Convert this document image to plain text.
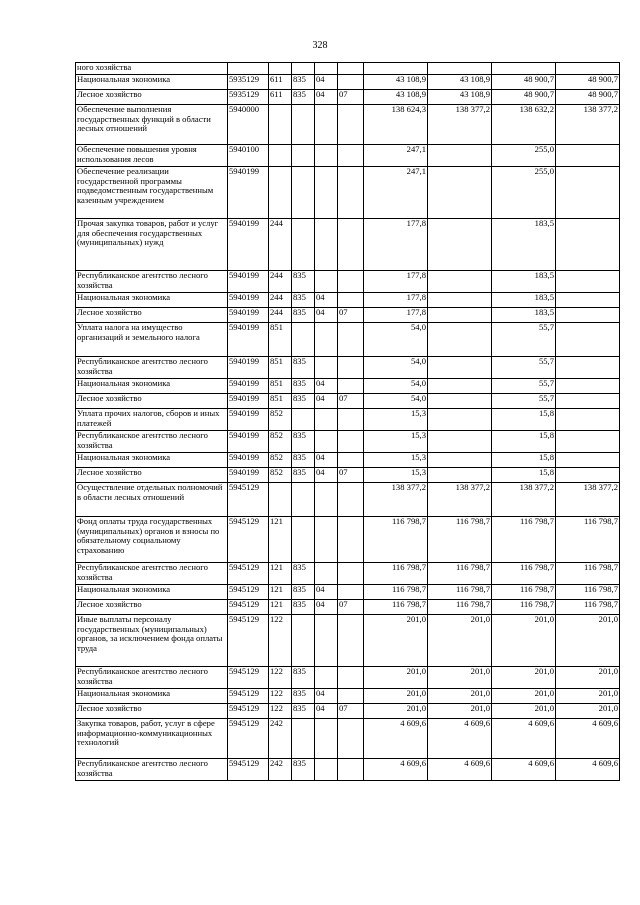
328
ного хозяйства									
Национальная экономика	5935129	611	835	04		43 108,9	43 108,9	48 900,7	48 900,7
Лесное хозяйство	5935129	611	835	04	07	43 108,9	43 108,9	48 900,7	48 900,7
Обеспечение выполнения государственных функций в области лесных отношений	5940000					138 624,3	138 377,2	138 632,2	138 377,2
Обеспечение повышения уровня использования лесов	5940100					247,1		255,0	
Обеспечение реализации государственной программы подведомственным государственным казенным учреждением	5940199					247,1		255,0	
Прочая закупка товаров, работ и услуг для обеспечения государственных (муниципальных) нужд	5940199	244				177,8		183,5	
Республиканское агентство лесного хозяйства	5940199	244	835			177,8		183,5	
Национальная экономика	5940199	244	835	04		177,8		183,5	
Лесное хозяйство	5940199	244	835	04	07	177,8		183,5	
Уплата налога на имущество организаций и земельного налога	5940199	851				54,0		55,7	
Республиканское агентство лесного хозяйства	5940199	851	835			54,0		55,7	
Национальная экономика	5940199	851	835	04		54,0		55,7	
Лесное хозяйство	5940199	851	835	04	07	54,0		55,7	
Уплата прочих налогов, сборов и иных платежей	5940199	852				15,3		15,8	
Республиканское агентство лесного хозяйства	5940199	852	835			15,3		15,8	
Национальная экономика	5940199	852	835	04		15,3		15,8	
Лесное хозяйство	5940199	852	835	04	07	15,3		15,8	
Осуществление отдельных полномочий в области лесных отношений	5945129					138 377,2	138 377,2	138 377,2	138 377,2
Фонд оплаты труда государственных (муниципальных) органов и взносы по обязательному социальному страхованию	5945129	121				116 798,7	116 798,7	116 798,7	116 798,7
Республиканское агентство лесного хозяйства	5945129	121	835			116 798,7	116 798,7	116 798,7	116 798,7
Национальная экономика	5945129	121	835	04		116 798,7	116 798,7	116 798,7	116 798,7
Лесное хозяйство	5945129	121	835	04	07	116 798,7	116 798,7	116 798,7	116 798,7
Иные выплаты персоналу государственных (муниципальных) органов, за исключением фонда оплаты труда	5945129	122				201,0	201,0	201,0	201,0
Республиканское агентство лесного хозяйства	5945129	122	835			201,0	201,0	201,0	201,0
Национальная экономика	5945129	122	835	04		201,0	201,0	201,0	201,0
Лесное хозяйство	5945129	122	835	04	07	201,0	201,0	201,0	201,0
Закупка товаров, работ, услуг в сфере информационно-коммуникационных технологий	5945129	242				4 609,6	4 609,6	4 609,6	4 609,6
Республиканское агентство лесного хозяйства	5945129	242	835			4 609,6	4 609,6	4 609,6	4 609,6
